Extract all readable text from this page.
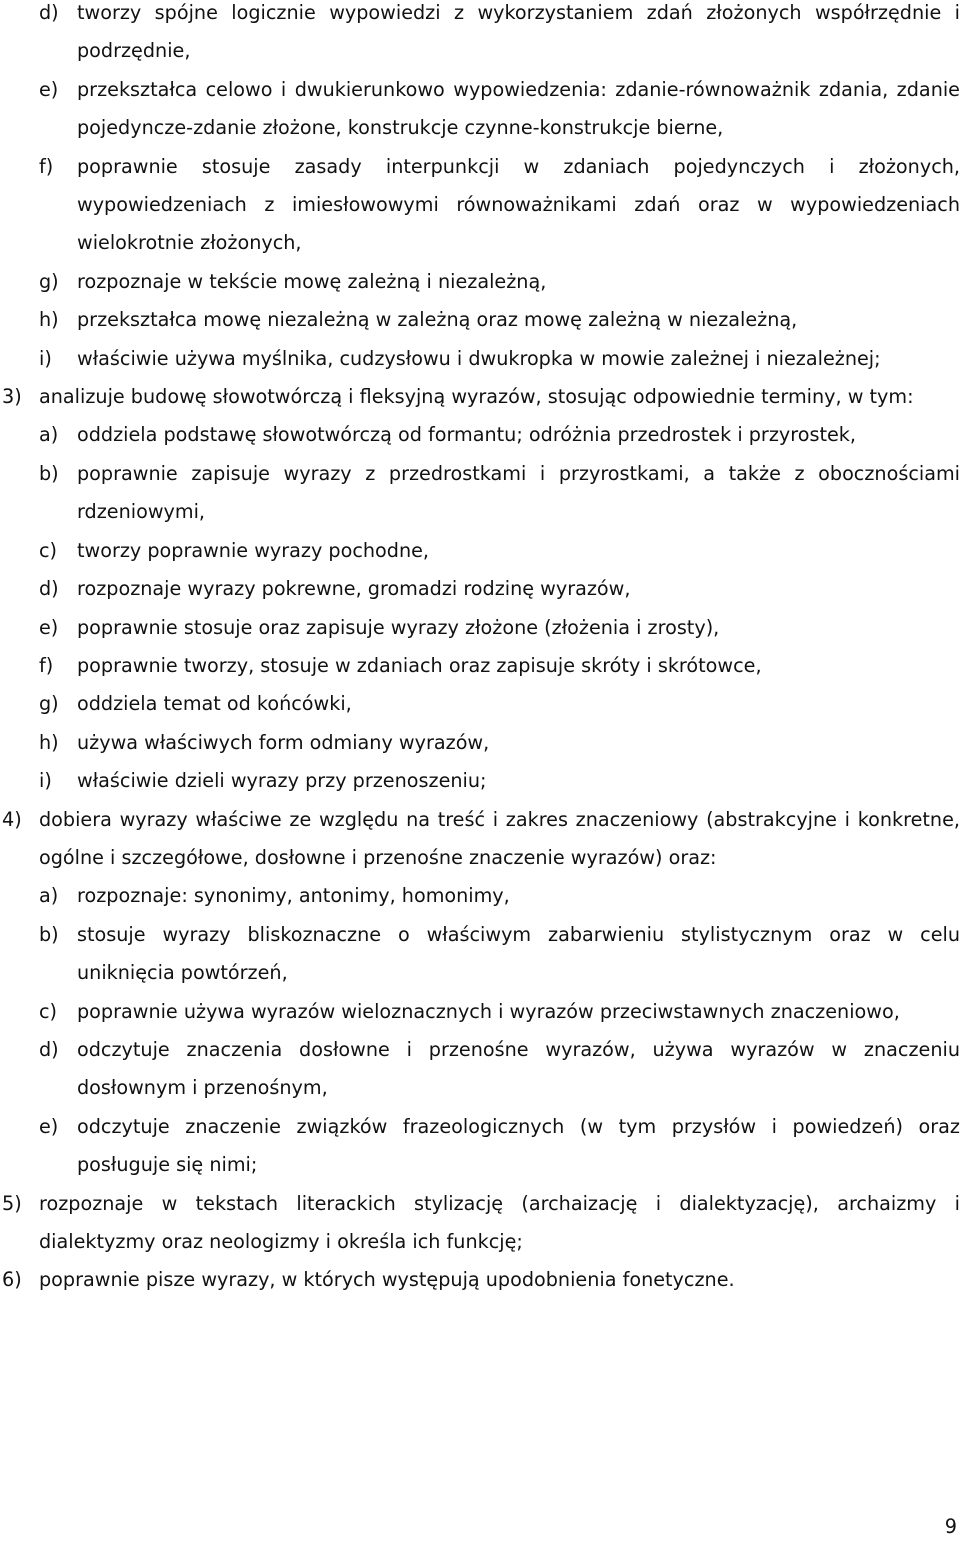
d) tworzy spójne logicznie wypowiedzi z wykorzystaniem zdań złożonych współrzędnie i podrzędnie,
e) przekształca celowo i dwukierunkowo wypowiedzenia: zdanie-równoważnik zdania, zdanie pojedyncze-zdanie złożone, konstrukcje czynne-konstrukcje bierne,
f)	poprawnie stosuje zasady interpunkcji w zdaniach pojedynczych i złożonych, wypowiedzeniach z imiesłowowymi równoważnikami zdań oraz w wypowiedzeniach wielokrotnie złożonych,
g) rozpoznaje w tekście mowę zależną i niezależną,
h) przekształca mowę niezależną w zależną oraz mowę zależną w niezależną,
i)	właściwie używa myślnika, cudzysłowu i dwukropka w mowie zależnej i niezależnej;
3) analizuje budowę słowotwórczą i fleksyjną wyrazów, stosując odpowiednie terminy, w tym:
a) oddziela podstawę słowotwórczą od formantu; odróżnia przedrostek i przyrostek,
b) poprawnie zapisuje wyrazy z przedrostkami i przyrostkami, a także z obocznościami rdzeniowymi,
c)	tworzy poprawnie wyrazy pochodne,
d) rozpoznaje wyrazy pokrewne, gromadzi rodzinę wyrazów,
e) poprawnie stosuje oraz zapisuje wyrazy złożone (złożenia i zrosty),
f)	poprawnie tworzy, stosuje w zdaniach oraz zapisuje skróty i skrótowce,
g) oddziela temat od końcówki,
h) używa właściwych form odmiany wyrazów,
i)	właściwie dzieli wyrazy przy przenoszeniu;
4) dobiera wyrazy właściwe ze względu na treść i zakres znaczeniowy (abstrakcyjne i konkretne, ogólne i szczegółowe, dosłowne i przenośne znaczenie wyrazów) oraz:
a) rozpoznaje: synonimy, antonimy, homonimy,
b) stosuje wyrazy bliskoznaczne o właściwym zabarwieniu stylistycznym oraz w celu uniknięcia powtórzeń,
c)	poprawnie używa wyrazów wieloznacznych i wyrazów przeciwstawnych znaczeniowo,
d) odczytuje znaczenia dosłowne i przenośne wyrazów, używa wyrazów w znaczeniu dosłownym i przenośnym,
e) odczytuje znaczenie związków frazeologicznych (w tym przysłów i powiedzeń) oraz posługuje się nimi;
5) rozpoznaje w tekstach literackich stylizację (archaizację i dialektyzację), archaizmy i dialektyzmy oraz neologizmy i określa ich funkcję;
6) poprawnie pisze wyrazy, w których występują upodobnienia fonetyczne.
9
